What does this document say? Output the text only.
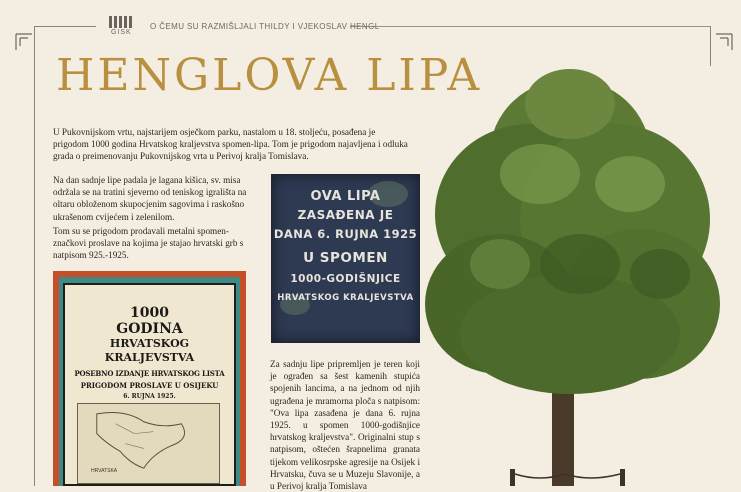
GISK
O ČEMU SU RAZMIŠLJALI THILDY I VJEKOSLAV HENGL
HENGLOVA LIPA

U Pukovnijskom vrtu, najstarijem osječkom parku, nastalom u 18. stoljeću, posađena je prigodom 1000 godina Hrvatskog kraljevstva spomen-lipa. Tom je prigodom najavljena i odluka grada o preimenovanju Pukovnijskog vrta u Perivoj kralja Tomislava.

Na dan sadnje lipe padala je lagana kišica, sv. misa održala se na tratini sjeverno od teniskog igrališta na oltaru obloženom skupocjenim sagovima i raskošno ukrašenom cvijećem i zelenilom.

Tom su se prigodom prodavali metalni spomen-značkovi proslave na kojima je stajao hrvatski grb s natpisom 925.-1925.

Za sadnju lipe pripremljen je teren koji je ograđen sa šest kamenih stupića spojenih lancima, a na jednom od njih ugrađena je mramorna ploča s natpisom: "Ova lipa zasađena je dana 6. rujna 1925. u spomen 1000-godišnjice hrvatskog kraljevstva". Originalni stup s natpisom, oštećen šrapnelima granata tijekom velikosrpske agresije na Osijek i Hrvatsku, čuva se u Muzeju Slavonije, a u Perivoj kralja Tomislava

OVA LIPA
ZASAĐENA JE
DANA 6. RUJNA 1925
U SPOMEN
1000-GODIŠNJICE
HRVATSKOG KRALJEVSTVA
1000
GODINA
HRVATSKOG
KRALJEVSTVA
POSEBNO IZDANJE HRVATSKOG LISTA
PRIGODOM PROSLAVE U OSIJEKU
6. RUJNA 1925.
HRVATSKA
